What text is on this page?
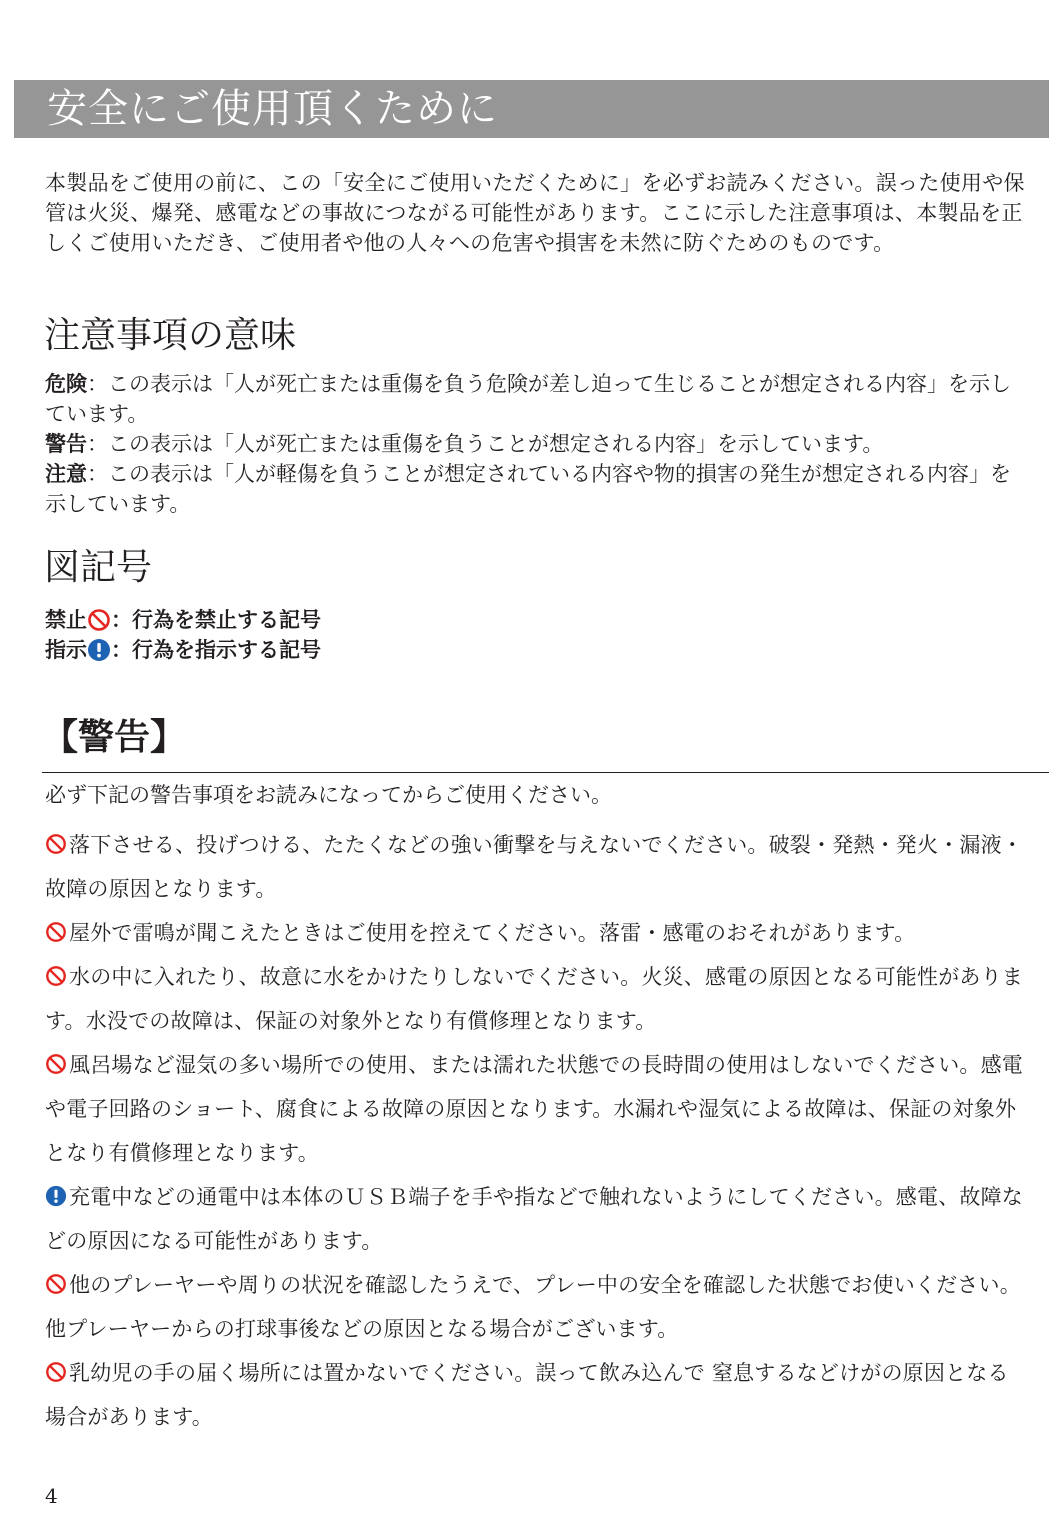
安全にご使用頂くために

本製品をご使用の前に、この「安全にご使用いただくために」を必ずお読みください。誤った使用や保管は火災、爆発、感電などの事故につながる可能性があります。ここに示した注意事項は、本製品を正しくご使用いただき、ご使用者や他の人々への危害や損害を未然に防ぐためのものです。

注意事項の意味
危険：この表示は「人が死亡または重傷を負う危険が差し迫って生じることが想定される内容」を示しています。
警告：この表示は「人が死亡または重傷を負うことが想定される内容」を示しています。
注意：この表示は「人が軽傷を負うことが想定されている内容や物的損害の発生が想定される内容」を示しています。
図記号
禁止 ：行為を禁止する記号
指示 ：行為を指示する記号
【警告】

必ず下記の警告事項をお読みになってからご使用ください。

落下させる、投げつける、たたくなどの強い衝撃を与えないでください。破裂・発熱・発火・漏液・故障の原因となります。
屋外で雷鳴が聞こえたときはご使用を控えてください。落雷・感電のおそれがあります。
水の中に入れたり、故意に水をかけたりしないでください。火災、感電の原因となる可能性があります。水没での故障は、保証の対象外となり有償修理となります。
風呂場など湿気の多い場所での使用、または濡れた状態での長時間の使用はしないでください。感電や電子回路のショート、腐食による故障の原因となります。水漏れや湿気による故障は、保証の対象外となり有償修理となります。
充電中などの通電中は本体のＵＳＢ端子を手や指などで触れないようにしてください。感電、故障などの原因になる可能性があります。
他のプレーヤーや周りの状況を確認したうえで、プレー中の安全を確認した状態でお使いください。他プレーヤーからの打球事後などの原因となる場合がございます。
乳幼児の手の届く場所には置かないでください。誤って飲み込んで 窒息するなどけがの原因となる場合があります。
4
